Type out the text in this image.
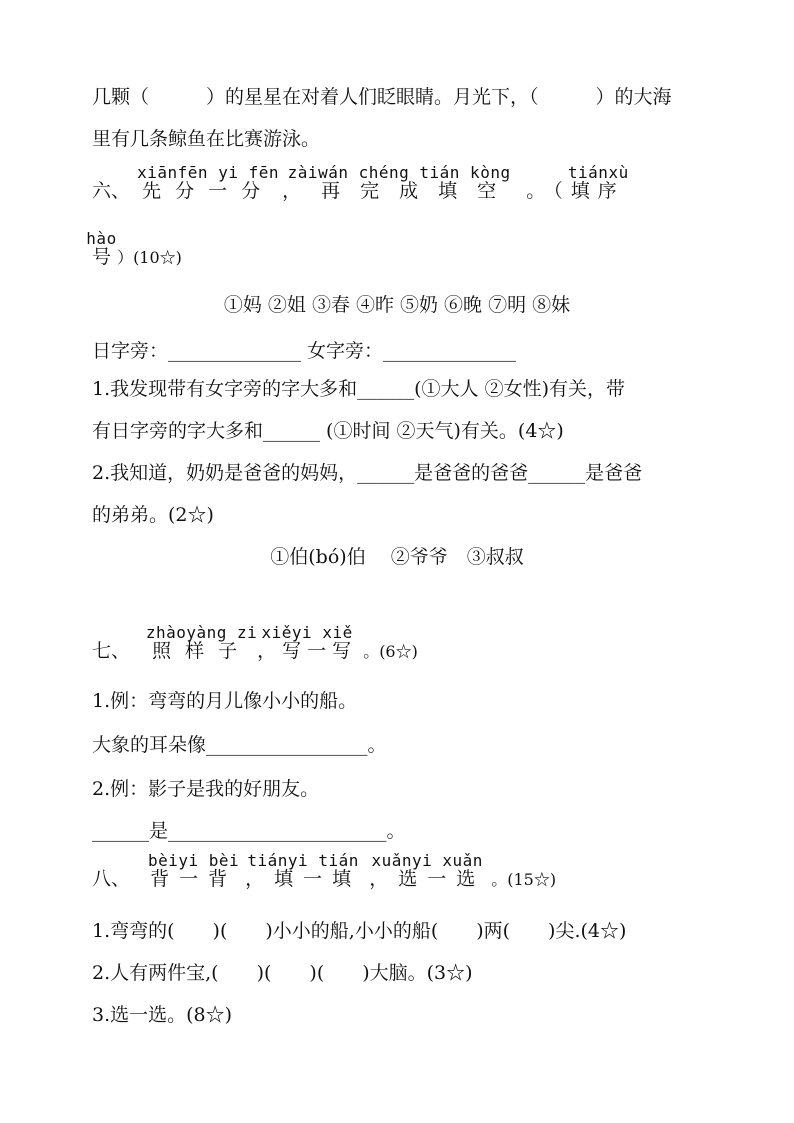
几颗（　　　）的星星在对着人们眨眼睛。月光下，（　　　）的大海
里有几条鲸鱼在比赛游泳。
六、
xiānfēn yi fēn
先分一分
zàiwán chéng tián kòng
，再完成填空
tiánxù
。（填序
hào
号 ）(10☆)
①妈 ②姐 ③春 ④昨 ⑤奶 ⑥晚 ⑦明 ⑧妹
日字旁：______________ 女字旁：______________
1.我发现带有女字旁的字大多和______(①大人 ②女性)有关，带
有日字旁的字大多和______ (①时间 ②天气)有关。(4☆)
2.我知道，奶奶是爸爸的妈妈，______是爸爸的爸爸______是爸爸
的弟弟。(2☆)
①伯(bó)伯　 ②爷爷　③叔叔
七、
zhàoyàng zi
照样子
xiěyi xiě
，写一写 。(6☆)
1.例：弯弯的月儿像小小的船。
大象的耳朵像_________________。
2.例：影子是我的好朋友。
______是_______________________。
八、
bèiyi bèi
背一背
tiányi tián
，填一填
xuǎnyi xuǎn
，选一选 。(15☆)
1.弯弯的(　　)(　　)小小的船,小小的船(　　)两(　　)尖.(4☆)
2.人有两件宝,(　　)(　　)(　　)大脑。(3☆)
3.选一选。(8☆)
